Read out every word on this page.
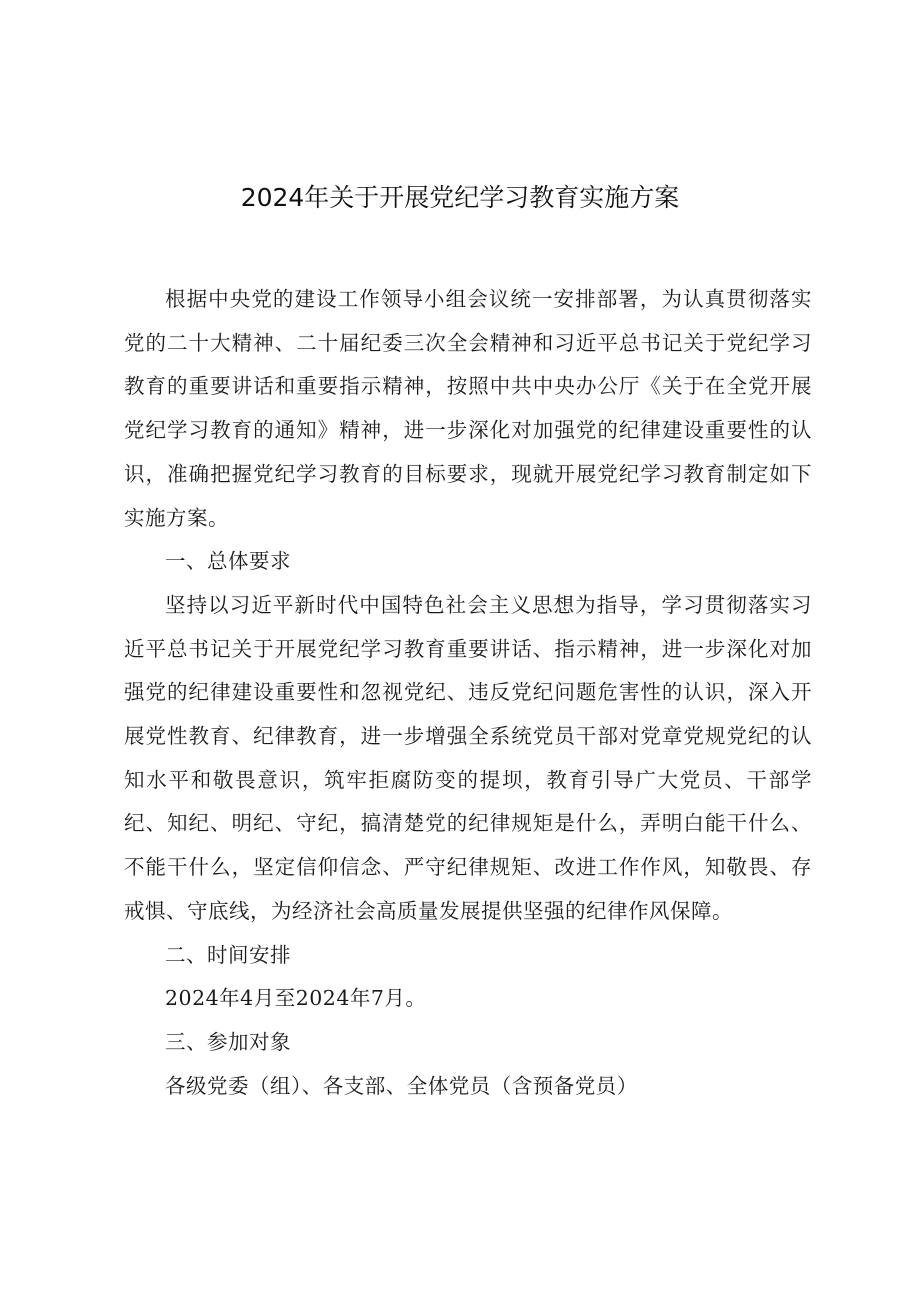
2024年关于开展党纪学习教育实施方案

根据中央党的建设工作领导小组会议统一安排部署，为认真贯彻落实党的二十大精神、二十届纪委三次全会精神和习近平总书记关于党纪学习教育的重要讲话和重要指示精神，按照中共中央办公厅《关于在全党开展党纪学习教育的通知》精神，进一步深化对加强党的纪律建设重要性的认识，准确把握党纪学习教育的目标要求，现就开展党纪学习教育制定如下实施方案。

一、总体要求

坚持以习近平新时代中国特色社会主义思想为指导，学习贯彻落实习近平总书记关于开展党纪学习教育重要讲话、指示精神，进一步深化对加强党的纪律建设重要性和忽视党纪、违反党纪问题危害性的认识，深入开展党性教育、纪律教育，进一步增强全系统党员干部对党章党规党纪的认知水平和敬畏意识，筑牢拒腐防变的提坝，教育引导广大党员、干部学纪、知纪、明纪、守纪，搞清楚党的纪律规矩是什么，弄明白能干什么、不能干什么，坚定信仰信念、严守纪律规矩、改进工作作风，知敬畏、存戒惧、守底线，为经济社会高质量发展提供坚强的纪律作风保障。

二、时间安排

2024年4月至2024年7月。

三、参加对象

各级党委（组）、各支部、全体党员（含预备党员）
